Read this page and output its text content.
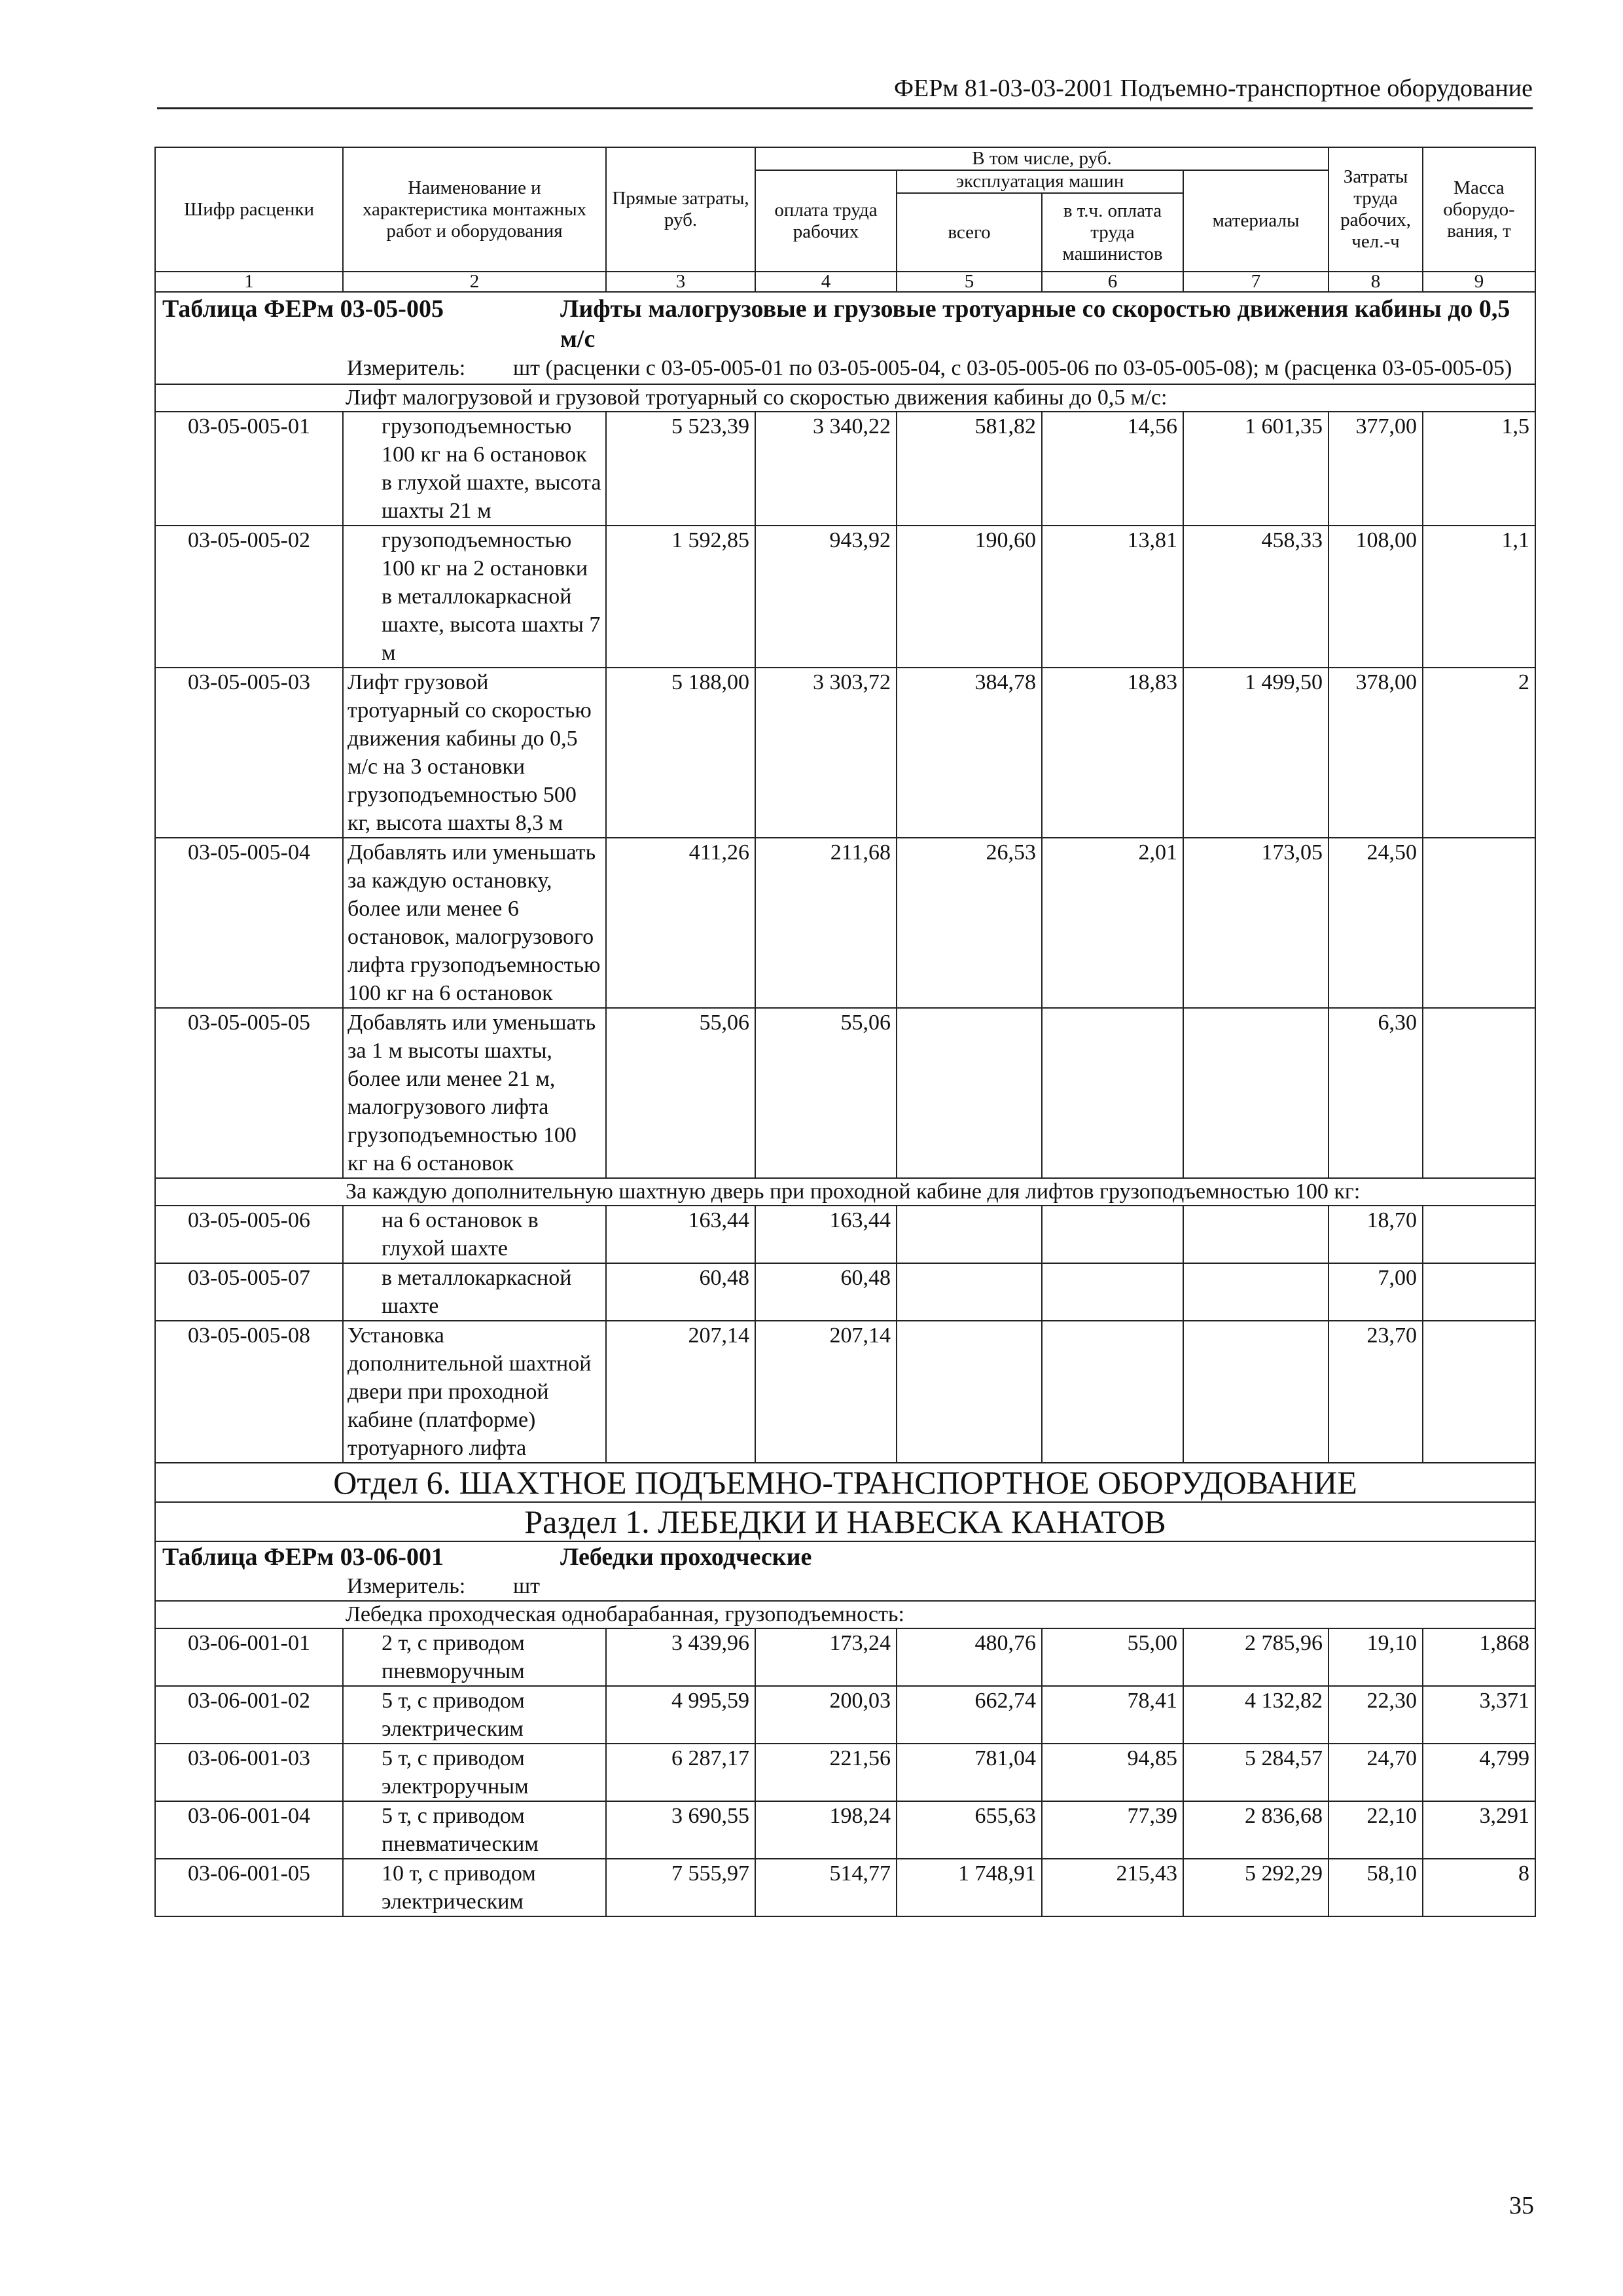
ФЕРм 81-03-03-2001 Подъемно-транспортное оборудование
Шифр расценки	Наименование и характеристика монтажных работ и оборудования	Прямые затраты, руб.	В том числе, руб.				Затраты труда рабочих, чел.-ч	Масса оборудо-вания, т
			оплата труда рабочих	эксплуатация машин		материалы		
				всего	в т.ч. оплата труда машинистов			
1	2	3	4	5	6	7	8	9

Таблица ФЕРм 03-05-005 Лифты малогрузовые и грузовые тротуарные со скоростью движения кабины до 0,5 м/с								

Измеритель: шт (расценки с 03-05-005-01 по 03-05-005-04, с 03-05-005-06 по 03-05-005-08); м (расценка 03-05-005-05)								

Лифт малогрузовой и грузовой тротуарный со скоростью движения кабины до 0,5 м/с:								
03-05-005-01	грузоподъемностью 100 кг на 6 остановок в глухой шахте, высота шахты 21 м	5 523,39	3 340,22	581,82	14,56	1 601,35	377,00	1,5
03-05-005-02	грузоподъемностью 100 кг на 2 остановки в металлокаркасной шахте, высота шахты 7 м	1 592,85	943,92	190,60	13,81	458,33	108,00	1,1
03-05-005-03	Лифт грузовой тротуарный со скоростью движения кабины до 0,5 м/с на 3 остановки грузоподъемностью 500 кг, высота шахты 8,3 м	5 188,00	3 303,72	384,78	18,83	1 499,50	378,00	2
03-05-005-04	Добавлять или уменьшать за каждую остановку, более или менее 6 остановок, малогрузового лифта грузоподъемностью 100 кг на 6 остановок	411,26	211,68	26,53	2,01	173,05	24,50	
03-05-005-05	Добавлять или уменьшать за 1 м высоты шахты, более или менее 21 м, малогрузового лифта грузоподъемностью 100 кг на 6 остановок	55,06	55,06				6,30	
За каждую дополнительную шахтную дверь при проходной кабине для лифтов грузоподъемностью 100 кг:								
03-05-005-06	на 6 остановок в глухой шахте	163,44	163,44				18,70	
03-05-005-07	в металлокаркасной шахте	60,48	60,48				7,00	
03-05-005-08	Установка дополнительной шахтной двери при проходной кабине (платформе) тротуарного лифта	207,14	207,14				23,70	
Отдел 6. ШАХТНОЕ ПОДЪЕМНО-ТРАНСПОРТНОЕ ОБОРУДОВАНИЕ								
Раздел 1. ЛЕБЕДКИ И НАВЕСКА КАНАТОВ								

Таблица ФЕРм 03-06-001 Лебедки проходческие								

Измеритель: шт								

Лебедка проходческая однобарабанная, грузоподъемность:								
03-06-001-01	2 т, с приводом пневморучным	3 439,96	173,24	480,76	55,00	2 785,96	19,10	1,868
03-06-001-02	5 т, с приводом электрическим	4 995,59	200,03	662,74	78,41	4 132,82	22,30	3,371
03-06-001-03	5 т, с приводом электроручным	6 287,17	221,56	781,04	94,85	5 284,57	24,70	4,799
03-06-001-04	5 т, с приводом пневматическим	3 690,55	198,24	655,63	77,39	2 836,68	22,10	3,291
03-06-001-05	10 т, с приводом электрическим	7 555,97	514,77	1 748,91	215,43	5 292,29	58,10	8
35
